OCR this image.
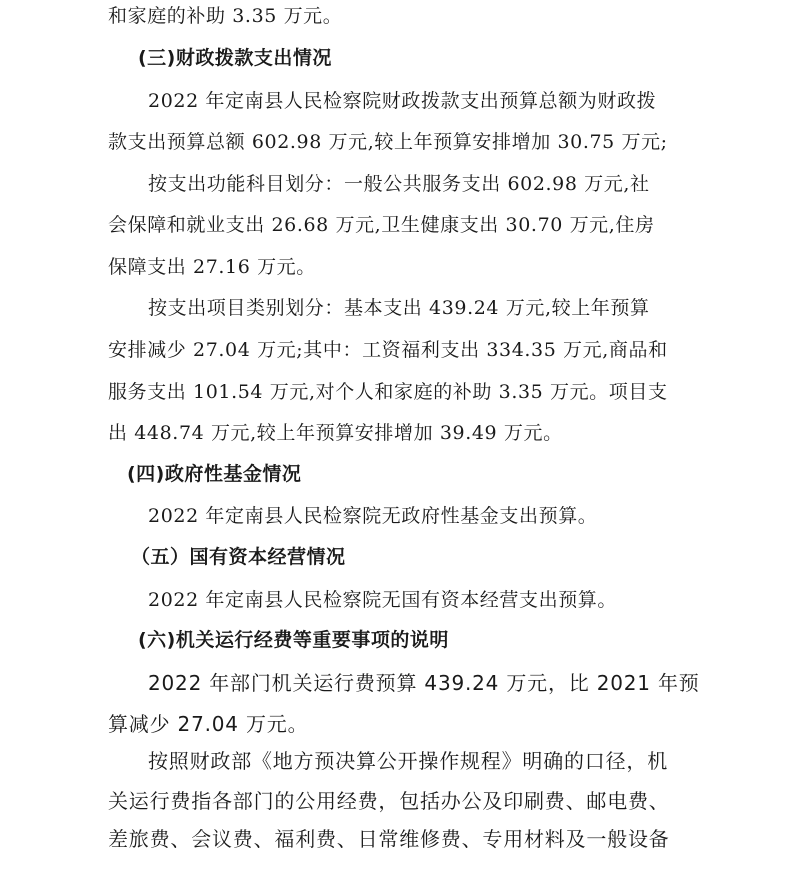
和家庭的补助 3.35 万元。
(三)财政拨款支出情况
2022 年定南县人民检察院财政拨款支出预算总额为财政拨
款支出预算总额 602.98 万元,较上年预算安排增加 30.75 万元;
按支出功能科目划分：一般公共服务支出 602.98 万元,社
会保障和就业支出 26.68 万元,卫生健康支出 30.70 万元,住房
保障支出 27.16 万元。
按支出项目类别划分：基本支出 439.24 万元,较上年预算
安排减少 27.04 万元;其中：工资福利支出 334.35 万元,商品和
服务支出 101.54 万元,对个人和家庭的补助 3.35 万元。项目支
出 448.74 万元,较上年预算安排增加 39.49 万元。
(四)政府性基金情况
2022 年定南县人民检察院无政府性基金支出预算。
（五）国有资本经营情况
2022 年定南县人民检察院无国有资本经营支出预算。
(六)机关运行经费等重要事项的说明
2022 年部门机关运行费预算 439.24 万元，比 2021 年预
算减少 27.04 万元。
按照财政部《地方预决算公开操作规程》明确的口径，机
关运行费指各部门的公用经费，包括办公及印刷费、邮电费、
差旅费、会议费、福利费、日常维修费、专用材料及一般设备
